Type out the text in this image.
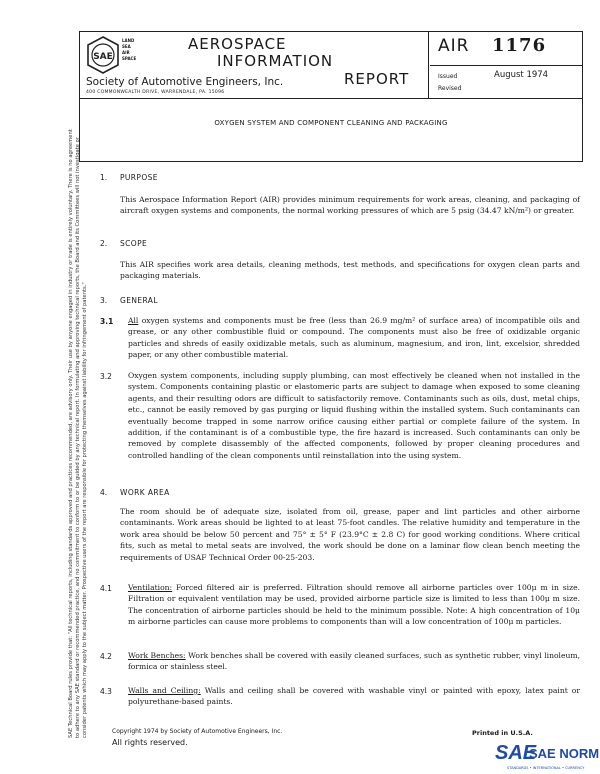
SAE
LAND
SEA
AIR
SPACE
AEROSPACE
INFORMATION
REPORT
Society of Automotive Engineers, Inc.
400 COMMONWEALTH DRIVE, WARRENDALE, PA. 15096
AIR 1176
Issued	August 1974
Revised
OXYGEN SYSTEM AND COMPONENT CLEANING AND PACKAGING
SAE Technical Board rules provide that: "All technical reports, including standards approved and practices recommended, are advisory only. Their use by anyone engaged in industry or trade is entirely voluntary. There is no agreement to adhere to any SAE standard or recommended practice, and no commitment to conform to or be guided by any technical report. In formulating and approving technical reports, the Board and its Committees will not investigate or consider patents which may apply to the subject matter. Prospective users of the report are responsible for protecting themselves against liability for infringement of patents."
1. PURPOSE

This Aerospace Information Report (AIR) provides minimum requirements for work areas, cleaning, and packaging of aircraft oxygen systems and components, the normal working pressures of which are 5 psig (34.47 kN/m²) or greater.

2. SCOPE

This AIR specifies work area details, cleaning methods, test methods, and specifications for oxygen clean parts and packaging materials.

3. GENERAL
3.1 All oxygen systems and components must be free (less than 26.9 mg/m² of surface area) of incompatible oils and grease, or any other combustible fluid or compound. The components must also be free of oxidizable organic particles and shreds of easily oxidizable metals, such as aluminum, magnesium, and iron, lint, excelsior, shredded paper, or any other combustible material.

3.2 Oxygen system components, including supply plumbing, can most effectively be cleaned when not installed in the system. Components containing plastic or elastomeric parts are subject to damage when exposed to some cleaning agents, and their resulting odors are difficult to satisfactorily remove. Contaminants such as oils, dust, metal chips, etc., cannot be easily removed by gas purging or liquid flushing within the installed system. Such contaminants can eventually become trapped in some narrow orifice causing either partial or complete failure of the system. In addition, if the contaminant is of a combustible type, the fire hazard is increased. Such contaminants can only be removed by complete disassembly of the affected components, followed by proper cleaning procedures and controlled handling of the clean components until reinstallation into the using system.

4. WORK AREA

The room should be of adequate size, isolated from oil, grease, paper and lint particles and other airborne contaminants. Work areas should be lighted to at least 75-foot candles. The relative humidity and temperature in the work area should be below 50 percent and 75° ± 5° F (23.9°C ± 2.8 C) for good working conditions. Where critical fits, such as metal to metal seats are involved, the work should be done on a laminar flow clean bench meeting the requirements of USAF Technical Order 00-25-203.

4.1 Ventilation: Forced filtered air is preferred. Filtration should remove all airborne particles over 100μ m in size. Filtration or equivalent ventilation may be used, provided airborne particle size is limited to less than 100μ m size. The concentration of airborne particles should be held to the minimum possible. Note: A high concentration of 10μ m airborne particles can cause more problems to components than will a low concentration of 100μ m particles.

4.2 Work Benches: Work benches shall be covered with easily cleaned surfaces, such as synthetic rubber, vinyl linoleum, formica or stainless steel.

4.3 Walls and Ceiling: Walls and ceiling shall be covered with washable vinyl or painted with epoxy, latex paint or polyurethane-based paints.

Copyright 1974 by Society of Automotive Engineers, Inc.
All rights reserved.
Printed in U.S.A.
SAE
SAE NORM
STANDARDS • INTERNATIONAL • CURRENCY
